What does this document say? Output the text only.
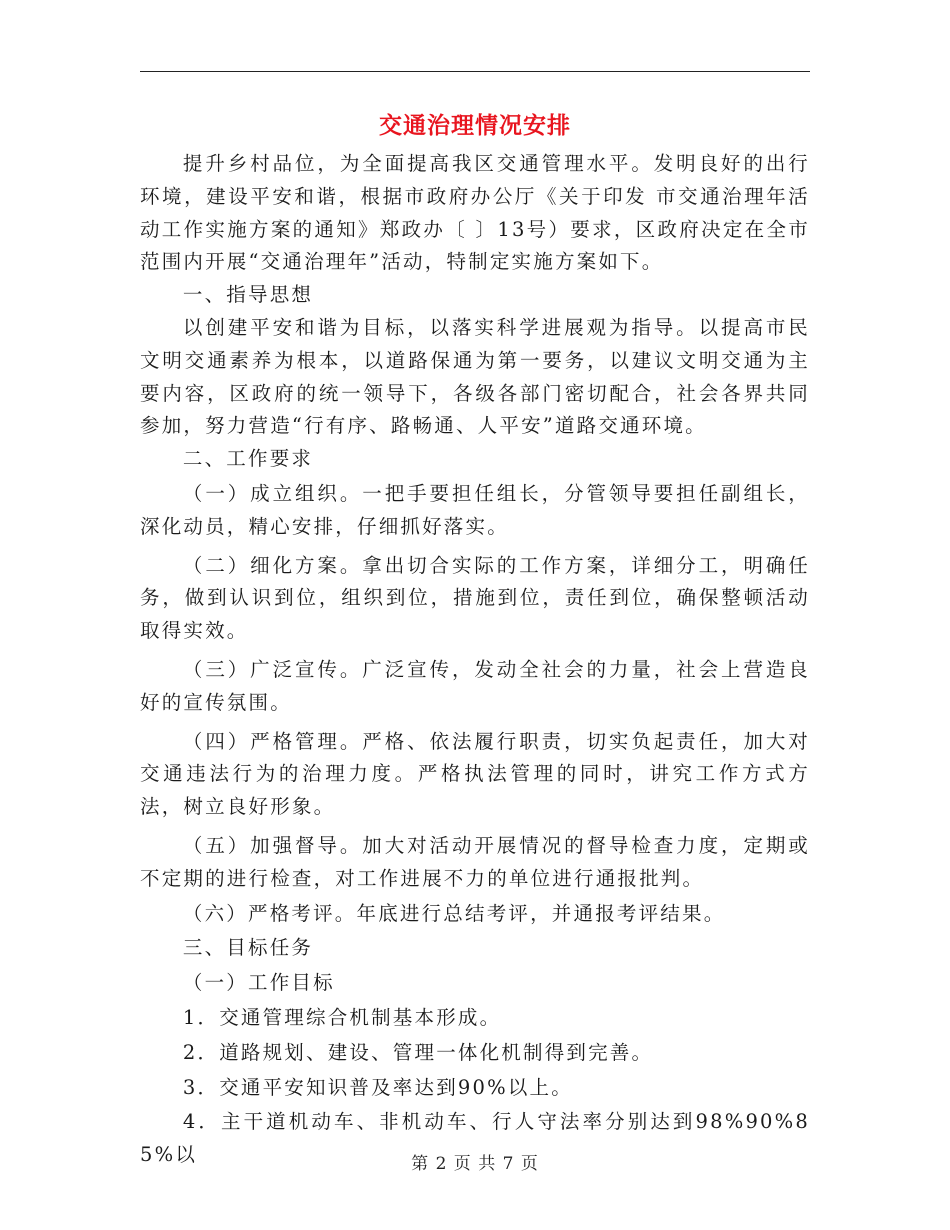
交通治理情况安排

提升乡村品位，为全面提高我区交通管理水平。发明良好的出行环境，建设平安和谐，根据市政府办公厅《关于印发 市交通治理年活动工作实施方案的通知》郑政办〔 〕13号）要求，区政府决定在全市范围内开展“交通治理年”活动，特制定实施方案如下。

一、指导思想

以创建平安和谐为目标，以落实科学进展观为指导。以提高市民文明交通素养为根本，以道路保通为第一要务，以建议文明交通为主要内容，区政府的统一领导下，各级各部门密切配合，社会各界共同参加，努力营造“行有序、路畅通、人平安”道路交通环境。

二、工作要求

（一）成立组织。一把手要担任组长，分管领导要担任副组长，深化动员，精心安排，仔细抓好落实。

（二）细化方案。拿出切合实际的工作方案，详细分工，明确任务，做到认识到位，组织到位，措施到位，责任到位，确保整顿活动取得实效。

（三）广泛宣传。广泛宣传，发动全社会的力量，社会上营造良好的宣传氛围。

（四）严格管理。严格、依法履行职责，切实负起责任，加大对交通违法行为的治理力度。严格执法管理的同时，讲究工作方式方法，树立良好形象。

（五）加强督导。加大对活动开展情况的督导检查力度，定期或不定期的进行检查，对工作进展不力的单位进行通报批判。

（六）严格考评。年底进行总结考评，并通报考评结果。

三、目标任务

（一）工作目标

1．交通管理综合机制基本形成。

2．道路规划、建设、管理一体化机制得到完善。

3．交通平安知识普及率达到90%以上。

4．主干道机动车、非机动车、行人守法率分别达到98%90%85%以	第 2 页 共 7 页
